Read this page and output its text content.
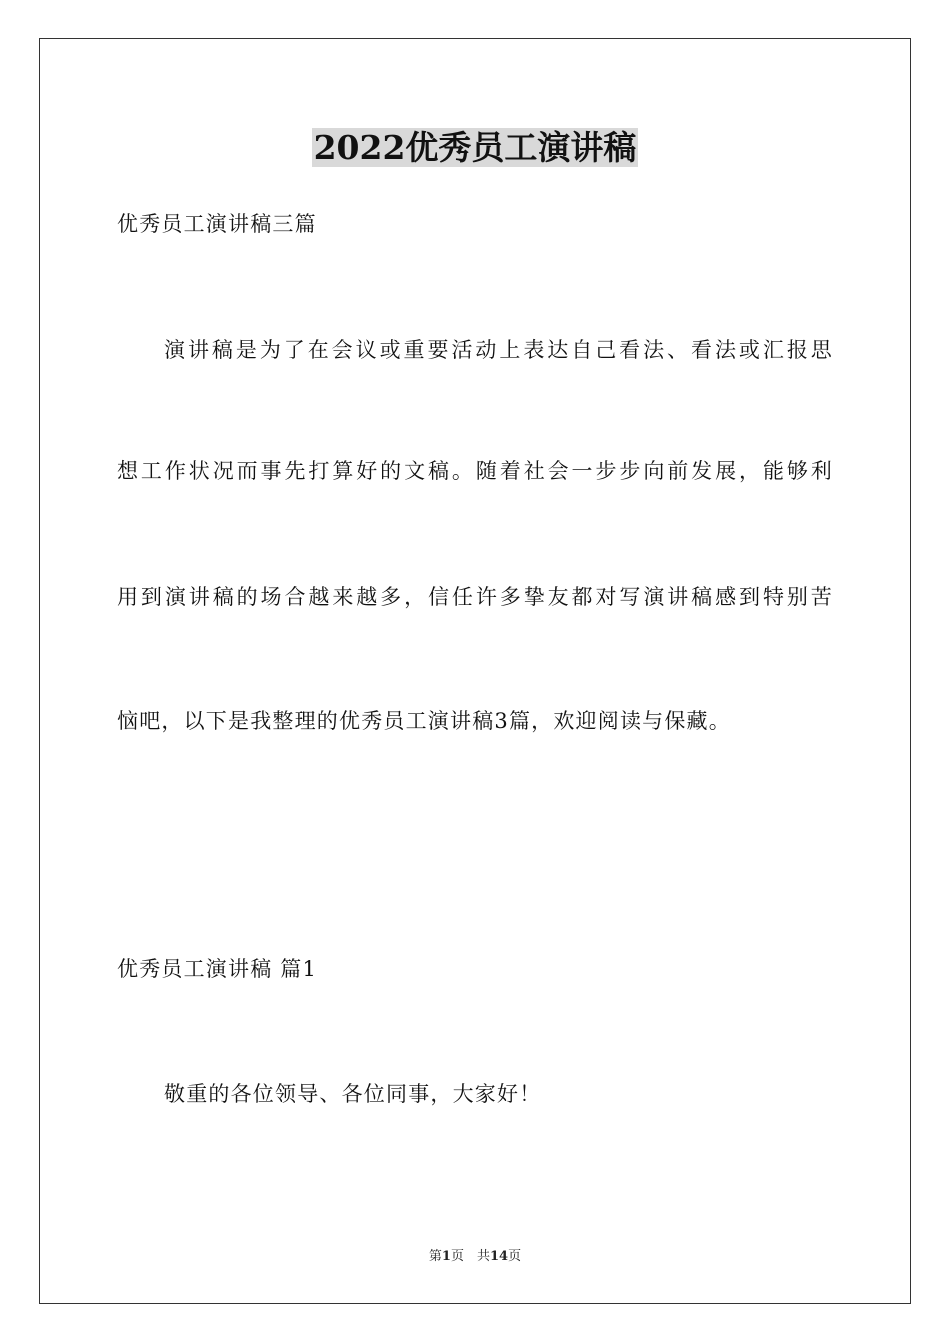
2022优秀员工演讲稿
优秀员工演讲稿三篇
演讲稿是为了在会议或重要活动上表达自己看法、看法或汇报思
想工作状况而事先打算好的文稿。随着社会一步步向前发展，能够利
用到演讲稿的场合越来越多，信任许多挚友都对写演讲稿感到特别苦
恼吧，以下是我整理的优秀员工演讲稿3篇，欢迎阅读与保藏。
优秀员工演讲稿 篇1
敬重的各位领导、各位同事，大家好！
第1页　共14页
